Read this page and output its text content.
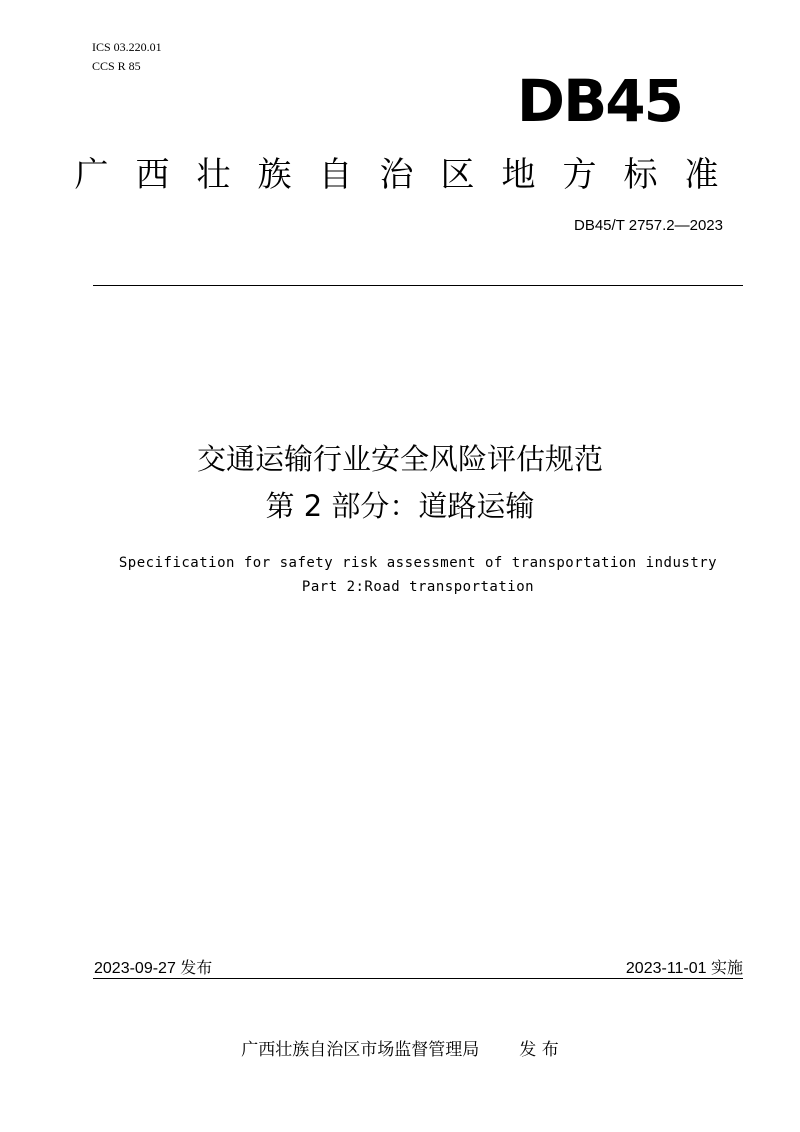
ICS 03.220.01
CCS R 85
DB45
广西壮族自治区地方标准
DB45/T 2757.2—2023
交通运输行业安全风险评估规范
第 2 部分：道路运输
Specification for safety risk assessment of transportation industry
Part 2:Road transportation
2023-09-27 发布	2023-11-01 实施
广西壮族自治区市场监督管理局 发 布
